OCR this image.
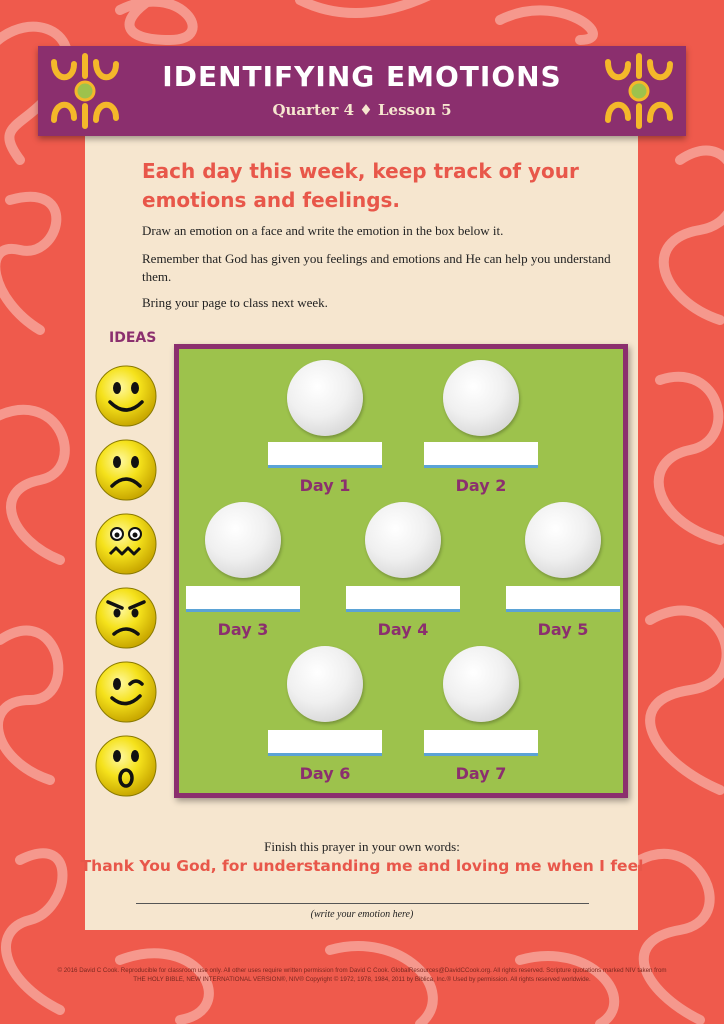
IDENTIFYING EMOTIONS
Quarter 4 ♦ Lesson 5
Each day this week, keep track of your emotions and feelings.
Draw an emotion on a face and write the emotion in the box below it.
Remember that God has given you feelings and emotions and He can help you understand them.
Bring your page to class next week.
IDEAS
Day 1	Day 2
Day 3	Day 4	Day 5
Day 6	Day 7
Finish this prayer in your own words:
Thank You God, for understanding me and loving me when I feel
(write your emotion here)
© 2016 David C Cook. Reproducible for classroom use only. All other uses require written permission from David C Cook. GlobalResources@DavidCCook.org. All rights reserved. Scripture quotations marked NIV taken from
THE HOLY BIBLE, NEW INTERNATIONAL VERSION®, NIV® Copyright © 1972, 1978, 1984, 2011 by Biblica, Inc.® Used by permission. All rights reserved worldwide.
